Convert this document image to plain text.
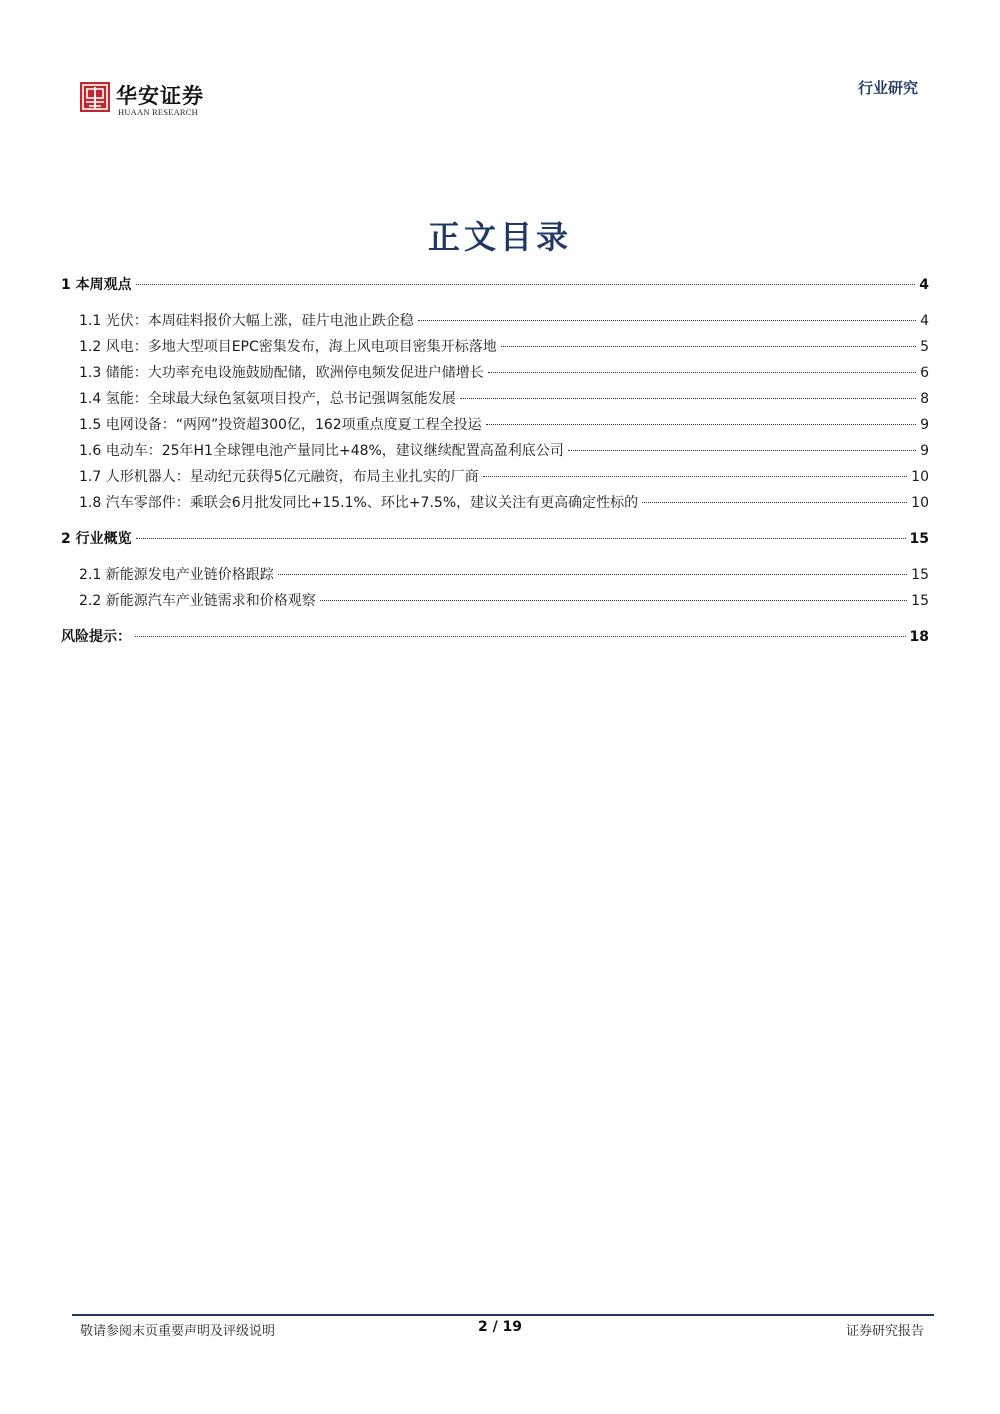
华安证券
HUAAN RESEARCH
行业研究
正文目录
1 本周观点	4
1.1 光伏：本周硅料报价大幅上涨，硅片电池止跌企稳	4
1.2 风电：多地大型项目EPC密集发布，海上风电项目密集开标落地	5
1.3 储能：大功率充电设施鼓励配储，欧洲停电频发促进户储增长	6
1.4 氢能：全球最大绿色氢氨项目投产，总书记强调氢能发展	8
1.5 电网设备：“两网”投资超300亿，162项重点度夏工程全投运	9
1.6 电动车：25年H1全球锂电池产量同比+48%，建议继续配置高盈利底公司	9
1.7 人形机器人：星动纪元获得5亿元融资，布局主业扎实的厂商	10
1.8 汽车零部件：乘联会6月批发同比+15.1%、环比+7.5%，建议关注有更高确定性标的	10
2 行业概览	15
2.1 新能源发电产业链价格跟踪	15
2.2 新能源汽车产业链需求和价格观察	15
风险提示：	18
敬请参阅末页重要声明及评级说明	2 / 19	证券研究报告
